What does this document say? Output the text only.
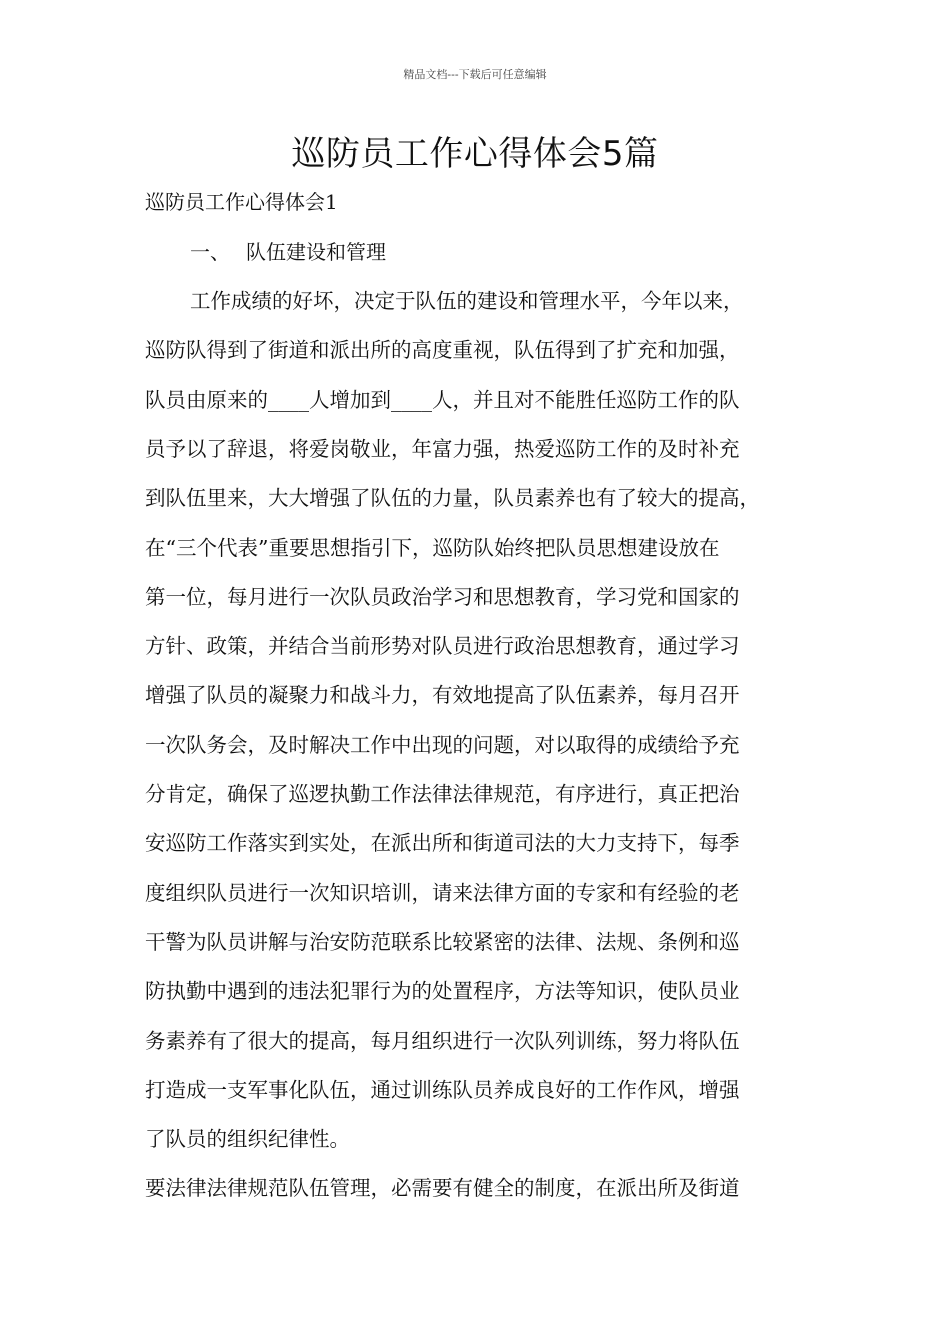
精品文档---下载后可任意编辑
巡防员工作心得体会5篇
巡防员工作心得体会1
一、 队伍建设和管理
工作成绩的好坏，决定于队伍的建设和管理水平，今年以来，
巡防队得到了街道和派出所的高度重视，队伍得到了扩充和加强，
队员由原来的____人增加到____人，并且对不能胜任巡防工作的队
员予以了辞退，将爱岗敬业，年富力强，热爱巡防工作的及时补充
到队伍里来，大大增强了队伍的力量，队员素养也有了较大的提高，
在“三个代表”重要思想指引下，巡防队始终把队员思想建设放在
第一位，每月进行一次队员政治学习和思想教育，学习党和国家的
方针、政策，并结合当前形势对队员进行政治思想教育，通过学习
增强了队员的凝聚力和战斗力，有效地提高了队伍素养，每月召开
一次队务会，及时解决工作中出现的问题，对以取得的成绩给予充
分肯定，确保了巡逻执勤工作法律法律规范，有序进行，真正把治
安巡防工作落实到实处，在派出所和街道司法的大力支持下，每季
度组织队员进行一次知识培训，请来法律方面的专家和有经验的老
干警为队员讲解与治安防范联系比较紧密的法律、法规、条例和巡
防执勤中遇到的违法犯罪行为的处置程序，方法等知识，使队员业
务素养有了很大的提高，每月组织进行一次队列训练，努力将队伍
打造成一支军事化队伍，通过训练队员养成良好的工作作风，增强
了队员的组织纪律性。
要法律法律规范队伍管理，必需要有健全的制度，在派出所及街道
